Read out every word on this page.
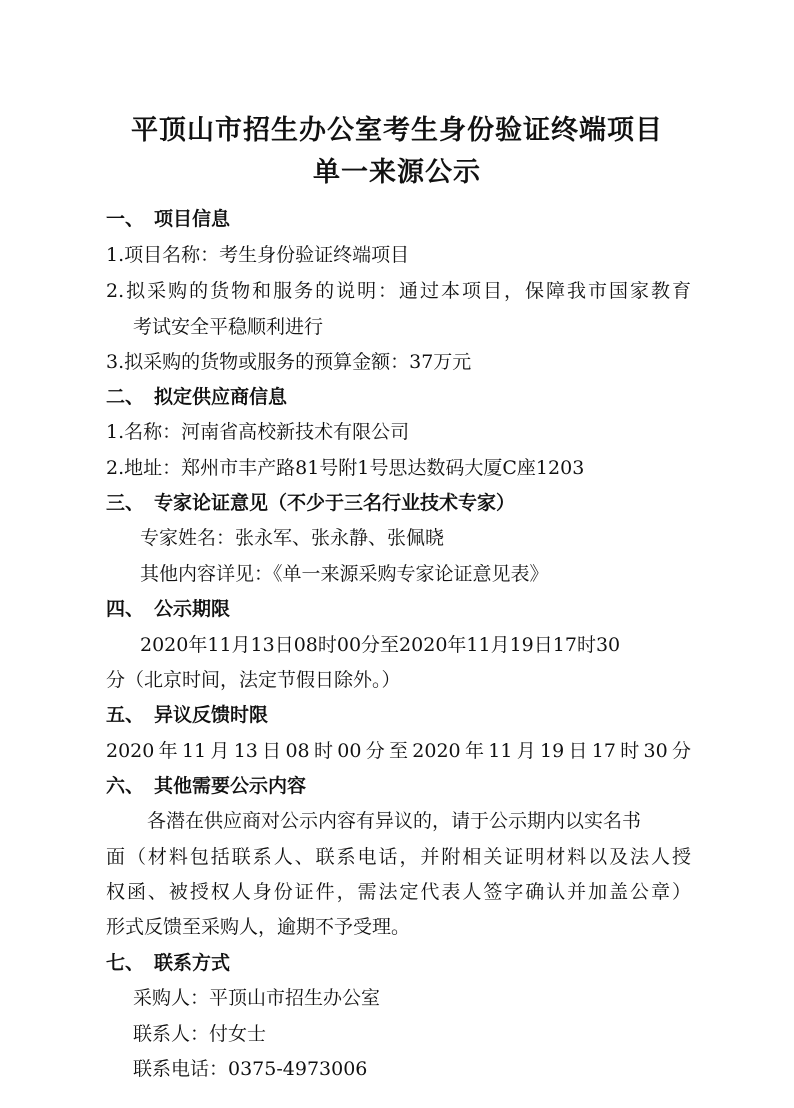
平顶山市招生办公室考生身份验证终端项目
单一来源公示
一、 项目信息
1.项目名称：考生身份验证终端项目
2.拟采购的货物和服务的说明：通过本项目，保障我市国家教育
考试安全平稳顺利进行
3.拟采购的货物或服务的预算金额：37万元
二、 拟定供应商信息
1.名称：河南省高校新技术有限公司
2.地址：郑州市丰产路81号附1号思达数码大厦C座1203
三、 专家论证意见（不少于三名行业技术专家）
专家姓名：张永军、张永静、张佩晓
其他内容详见：《单一来源采购专家论证意见表》
四、 公示期限
2020年11月13日08时00分至2020年11月19日17时30
分（北京时间，法定节假日除外。）
五、 异议反馈时限
2020年11月13日08时00分至2020年11月19日17时30分
六、 其他需要公示内容
各潜在供应商对公示内容有异议的，请于公示期内以实名书
面（材料包括联系人、联系电话，并附相关证明材料以及法人授
权函、被授权人身份证件，需法定代表人签字确认并加盖公章）
形式反馈至采购人，逾期不予受理。
七、 联系方式
采购人：平顶山市招生办公室
联系人：付女士
联系电话：0375-4973006
